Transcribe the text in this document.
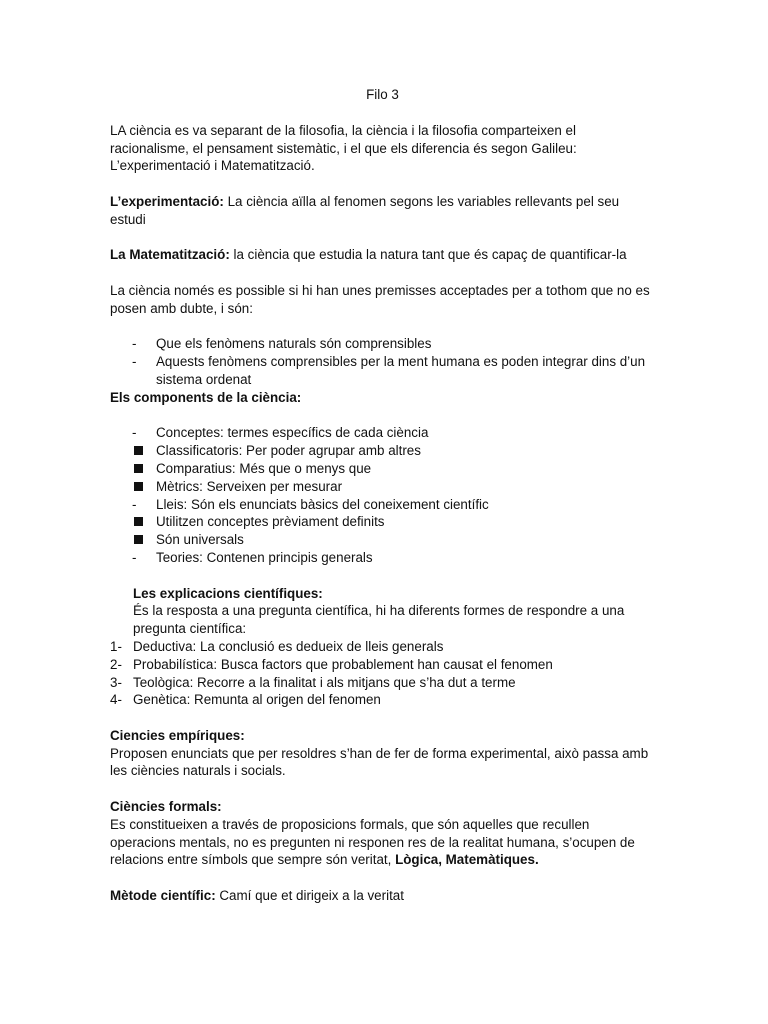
Filo 3

LA ciència es va separant de la filosofia, la ciència i la filosofia comparteixen el racionalisme, el pensament sistemàtic, i el que els diferencia és segon Galileu: L’experimentació i Matematització.

L’experimentació: La ciència aïlla al fenomen segons les variables rellevants pel seu estudi

La Matematització: la ciència que estudia la natura tant que és capaç de quantificar-la

La ciència només es possible si hi han unes premisses acceptades per a tothom que no es posen amb dubte, i són:

-	Que els fenòmens naturals són comprensibles
-	Aquests fenòmens comprensibles per la ment humana es poden integrar dins d’un sistema ordenat

Els components de la ciència:

-	Conceptes: termes específics de cada ciència
Classificatoris: Per poder agrupar amb altres
Comparatius: Més que o menys que
Mètrics: Serveixen per mesurar
-	Lleis: Són els enunciats bàsics del coneixement científic
Utilitzen conceptes prèviament definits
Són universals
-	Teories: Contenen principis generals

Les explicacions científiques:

És la resposta a una pregunta científica, hi ha diferents formes de respondre a una pregunta científica:

1- Deductiva: La conclusió es dedueix de lleis generals
2- Probabilística: Busca factors que probablement han causat el fenomen
3- Teològica: Recorre a la finalitat i als mitjans que s’ha dut a terme
4- Genètica: Remunta al origen del fenomen

Ciencies empíriques:

Proposen enunciats que per resoldres s’han de fer de forma experimental, això passa amb les ciències naturals i socials.

Ciències formals:

Es constitueixen a través de proposicions formals, que són aquelles que recullen operacions mentals, no es pregunten ni responen res de la realitat humana, s’ocupen de relacions entre símbols que sempre són veritat, Lògica, Matemàtiques.

Mètode científic: Camí que et dirigeix a la veritat
